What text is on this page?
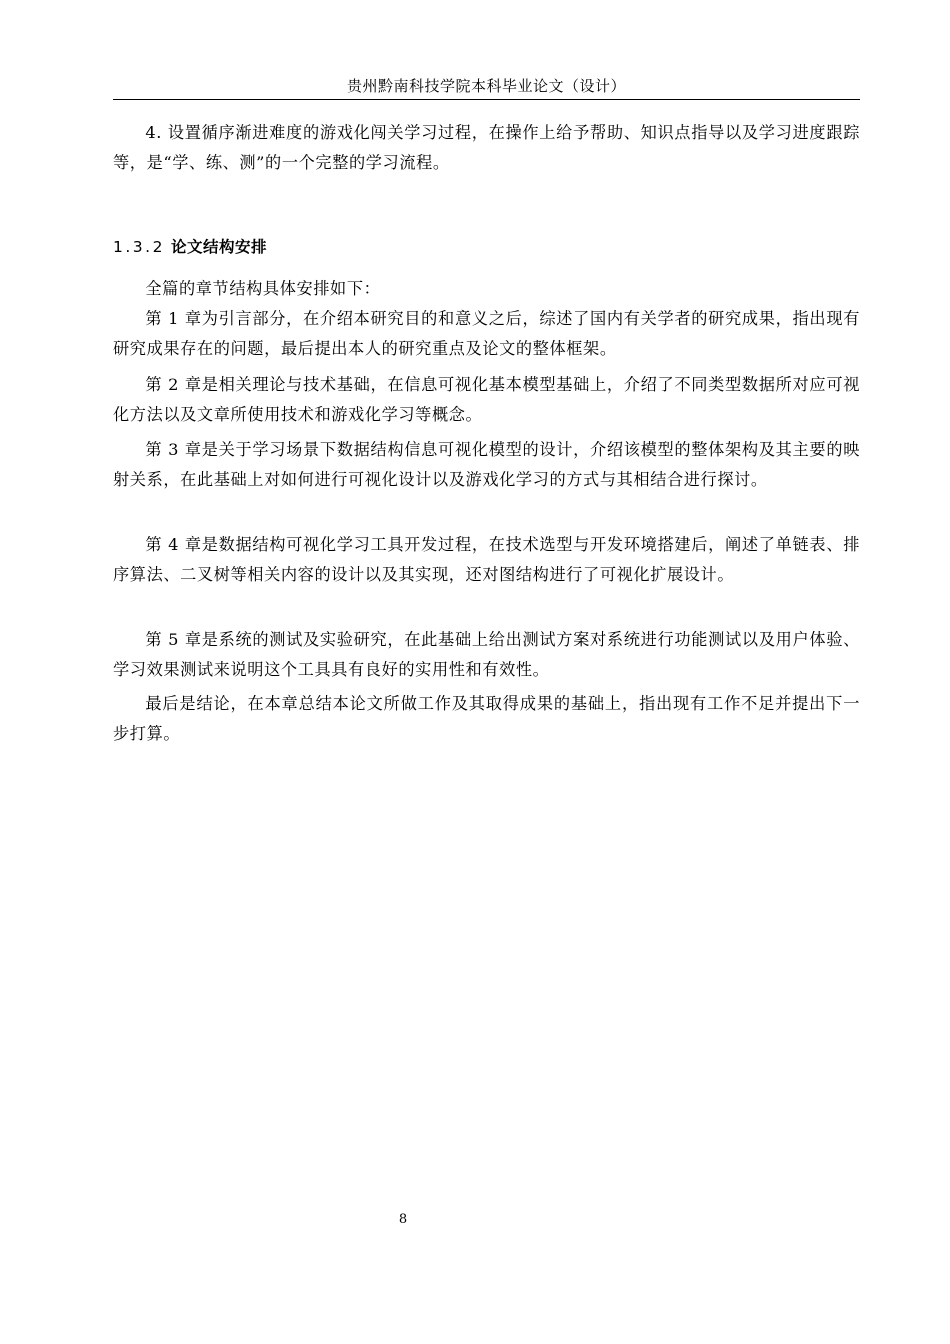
贵州黔南科技学院本科毕业论文（设计）

4. 设置循序渐进难度的游戏化闯关学习过程，在操作上给予帮助、知识点指导以及学习进度跟踪等，是“学、练、测”的一个完整的学习流程。

1.3.2 论文结构安排

全篇的章节结构具体安排如下：

第 1 章为引言部分，在介绍本研究目的和意义之后，综述了国内有关学者的研究成果，指出现有研究成果存在的问题，最后提出本人的研究重点及论文的整体框架。

第 2 章是相关理论与技术基础，在信息可视化基本模型基础上，介绍了不同类型数据所对应可视化方法以及文章所使用技术和游戏化学习等概念。

第 3 章是关于学习场景下数据结构信息可视化模型的设计，介绍该模型的整体架构及其主要的映射关系，在此基础上对如何进行可视化设计以及游戏化学习的方式与其相结合进行探讨。

第 4 章是数据结构可视化学习工具开发过程，在技术选型与开发环境搭建后，阐述了单链表、排序算法、二叉树等相关内容的设计以及其实现，还对图结构进行了可视化扩展设计。

第 5 章是系统的测试及实验研究，在此基础上给出测试方案对系统进行功能测试以及用户体验、学习效果测试来说明这个工具具有良好的实用性和有效性。

最后是结论，在本章总结本论文所做工作及其取得成果的基础上，指出现有工作不足并提出下一步打算。

8
